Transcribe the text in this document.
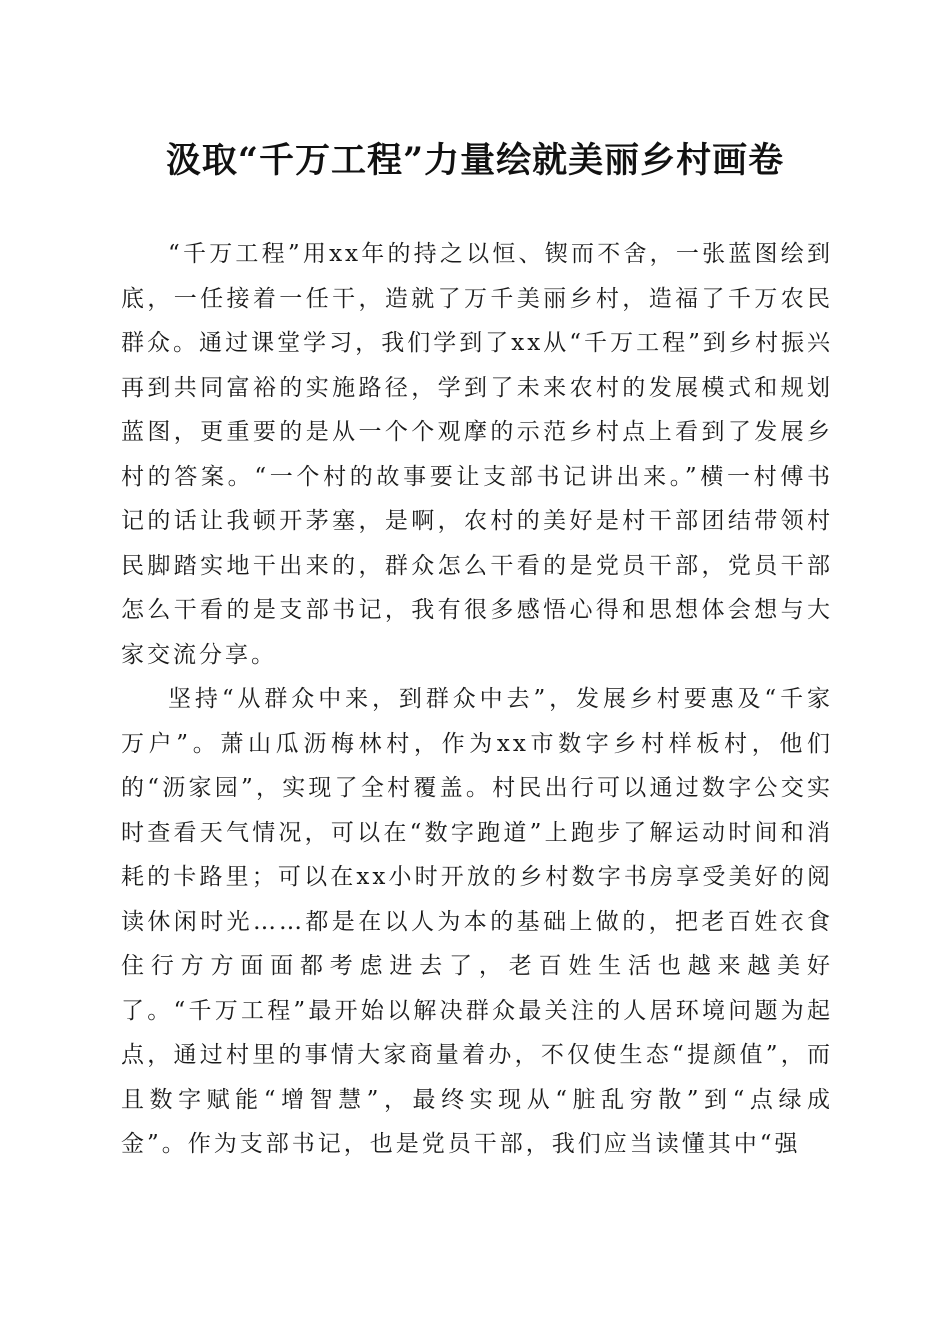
汲取“千万工程”力量绘就美丽乡村画卷

“千万工程”用xx年的持之以恒、锲而不舍，一张蓝图绘到底，一任接着一任干，造就了万千美丽乡村，造福了千万农民群众。通过课堂学习，我们学到了xx从“千万工程”到乡村振兴再到共同富裕的实施路径，学到了未来农村的发展模式和规划蓝图，更重要的是从一个个观摩的示范乡村点上看到了发展乡村的答案。“一个村的故事要让支部书记讲出来。”横一村傅书记的话让我顿开茅塞，是啊，农村的美好是村干部团结带领村民脚踏实地干出来的，群众怎么干看的是党员干部，党员干部怎么干看的是支部书记，我有很多感悟心得和思想体会想与大家交流分享。

坚持“从群众中来，到群众中去”，发展乡村要惠及“千家万户”。萧山瓜沥梅林村，作为xx市数字乡村样板村，他们的“沥家园”，实现了全村覆盖。村民出行可以通过数字公交实时查看天气情况，可以在“数字跑道”上跑步了解运动时间和消耗的卡路里；可以在xx小时开放的乡村数字书房享受美好的阅读休闲时光……都是在以人为本的基础上做的，把老百姓衣食住行方方面面都考虑进去了，老百姓生活也越来越美好了。“千万工程”最开始以解决群众最关注的人居环境问题为起点，通过村里的事情大家商量着办，不仅使生态“提颜值”，而且数字赋能“增智慧”，最终实现从“脏乱穷散”到“点绿成金”。作为支部书记，也是党员干部，我们应当读懂其中“强
